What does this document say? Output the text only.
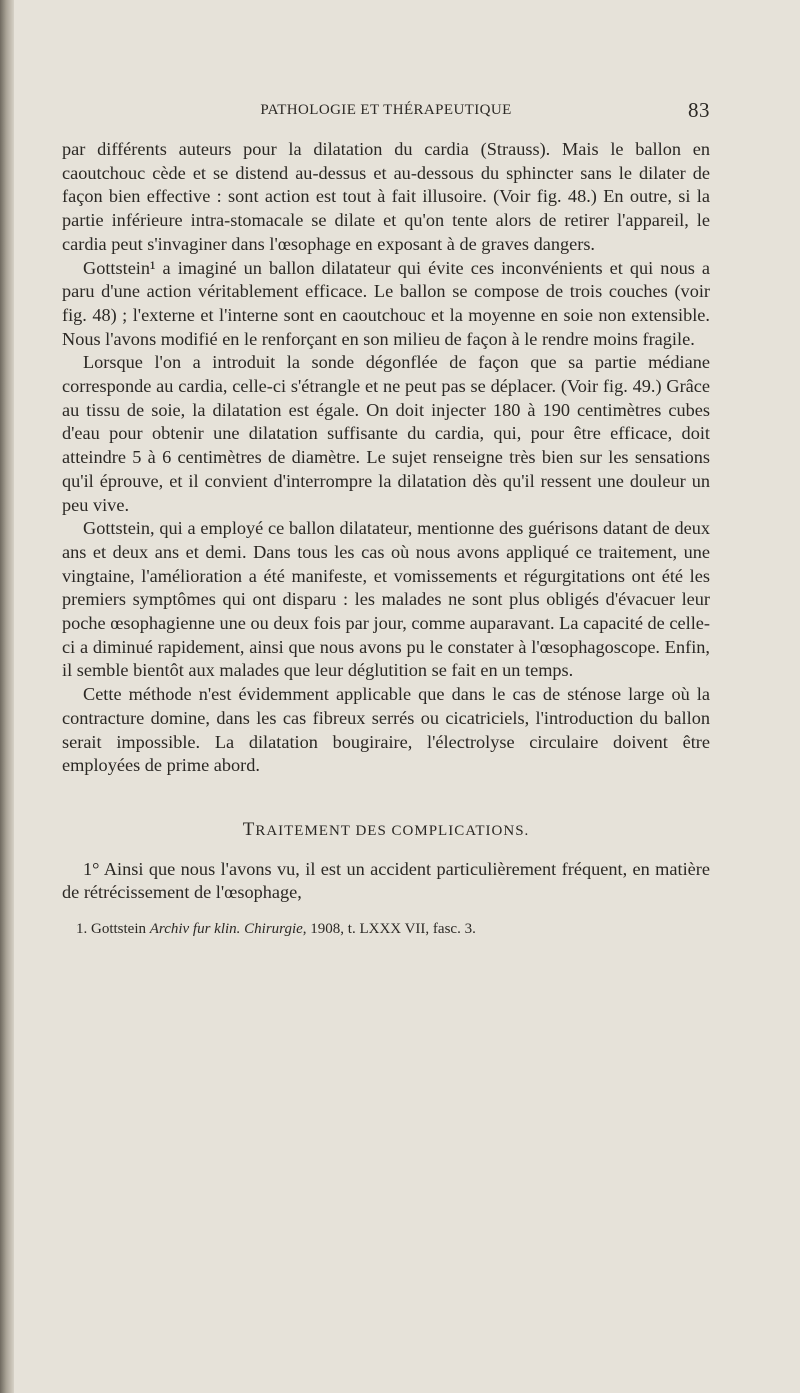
PATHOLOGIE ET THÉRAPEUTIQUE	83

par différents auteurs pour la dilatation du cardia (Strauss). Mais le ballon en caoutchouc cède et se distend au-dessus et au-dessous du sphincter sans le dilater de façon bien effective : sont action est tout à fait illusoire. (Voir fig. 48.) En outre, si la partie inférieure intra-stomacale se dilate et qu'on tente alors de retirer l'appareil, le cardia peut s'invaginer dans l'œsophage en exposant à de graves dangers.

Gottstein¹ a imaginé un ballon dilatateur qui évite ces inconvénients et qui nous a paru d'une action véritablement efficace. Le ballon se compose de trois couches (voir fig. 48) ; l'externe et l'interne sont en caoutchouc et la moyenne en soie non extensible. Nous l'avons modifié en le renforçant en son milieu de façon à le rendre moins fragile.

Lorsque l'on a introduit la sonde dégonflée de façon que sa partie médiane corresponde au cardia, celle-ci s'étrangle et ne peut pas se déplacer. (Voir fig. 49.) Grâce au tissu de soie, la dilatation est égale. On doit injecter 180 à 190 centimètres cubes d'eau pour obtenir une dilatation suffisante du cardia, qui, pour être efficace, doit atteindre 5 à 6 centimètres de diamètre. Le sujet renseigne très bien sur les sensations qu'il éprouve, et il convient d'interrompre la dilatation dès qu'il ressent une douleur un peu vive.

Gottstein, qui a employé ce ballon dilatateur, mentionne des guérisons datant de deux ans et deux ans et demi. Dans tous les cas où nous avons appliqué ce traitement, une vingtaine, l'amélioration a été manifeste, et vomissements et régurgitations ont été les premiers symptômes qui ont disparu : les malades ne sont plus obligés d'évacuer leur poche œsophagienne une ou deux fois par jour, comme auparavant. La capacité de celle-ci a diminué rapidement, ainsi que nous avons pu le constater à l'œsophagoscope. Enfin, il semble bientôt aux malades que leur déglutition se fait en un temps.

Cette méthode n'est évidemment applicable que dans le cas de sténose large où la contracture domine, dans les cas fibreux serrés ou cicatriciels, l'introduction du ballon serait impossible. La dilatation bougiraire, l'électrolyse circulaire doivent être employées de prime abord.

TRAITEMENT DES COMPLICATIONS.

1° Ainsi que nous l'avons vu, il est un accident particulièrement fréquent, en matière de rétrécissement de l'œsophage,

1. Gottstein Archiv fur klin. Chirurgie, 1908, t. LXXX VII, fasc. 3.
